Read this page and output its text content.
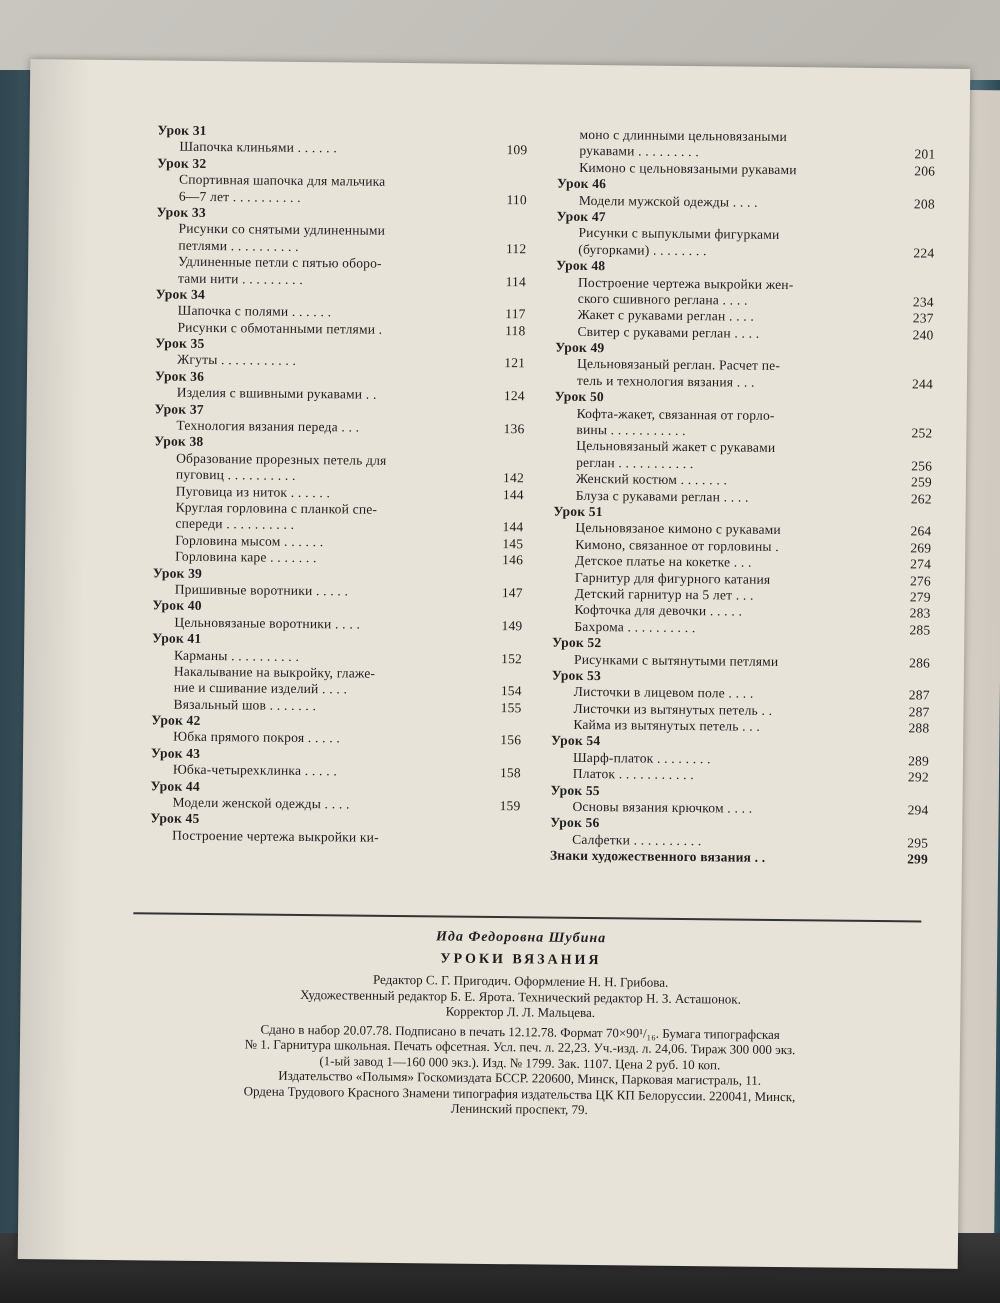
Урок 31
Шапочка клиньями . . . . . .	109
Урок 32
Спортивная шапочка для мальчика
6—7 лет . . . . . . . . . .	110
Урок 33
Рисунки со снятыми удлиненными
петлями . . . . . . . . . .	112
Удлиненные петли с пятью оборо-
тами нити . . . . . . . . .	114
Урок 34
Шапочка с полями . . . . . .	117
Рисунки с обмотанными петлями .	118
Урок 35
Жгуты . . . . . . . . . . .	121
Урок 36
Изделия с вшивными рукавами . .	124
Урок 37
Технология вязания переда . . .	136
Урок 38
Образование прорезных петель для
пуговиц . . . . . . . . . .	142
Пуговица из ниток . . . . . .	144
Круглая горловина с планкой спе-
спереди . . . . . . . . . .	144
Горловина мысом . . . . . .	145
Горловина каре . . . . . . .	146
Урок 39
Пришивные воротники . . . . .	147
Урок 40
Цельновязаные воротники . . . .	149
Урок 41
Карманы . . . . . . . . . .	152
Накалывание на выкройку, глаже-
ние и сшивание изделий . . . .	154
Вязальный шов . . . . . . .	155
Урок 42
Юбка прямого покроя . . . . .	156
Урок 43
Юбка-четырехклинка . . . . .	158
Урок 44
Модели женской одежды . . . .	159
Урок 45
Построение чертежа выкройки ки-
моно с длинными цельновязаными
рукавами . . . . . . . . .	201
Кимоно с цельновязаными рукавами	206
Урок 46
Модели мужской одежды . . . .	208
Урок 47
Рисунки с выпуклыми фигурками
(бугорками) . . . . . . . .	224
Урок 48
Построение чертежа выкройки жен-
ского сшивного реглана . . . .	234
Жакет с рукавами реглан . . . .	237
Свитер с рукавами реглан . . . .	240
Урок 49
Цельновязаный реглан. Расчет пе-
тель и технология вязания . . .	244
Урок 50
Кофта-жакет, связанная от горло-
вины . . . . . . . . . . .	252
Цельновязаный жакет с рукавами
реглан . . . . . . . . . . .	256
Женский костюм . . . . . . .	259
Блуза с рукавами реглан . . . .	262
Урок 51
Цельновязаное кимоно с рукавами	264
Кимоно, связанное от горловины .	269
Детское платье на кокетке . . .	274
Гарнитур для фигурного катания	276
Детский гарнитур на 5 лет . . .	279
Кофточка для девочки . . . . .	283
Бахрома . . . . . . . . . .	285
Урок 52
Рисунками с вытянутыми петлями	286
Урок 53
Листочки в лицевом поле . . . .	287
Листочки из вытянутых петель . .	287
Кайма из вытянутых петель . . .	288
Урок 54
Шарф-платок . . . . . . . .	289
Платок . . . . . . . . . . .	292
Урок 55
Основы вязания крючком . . . .	294
Урок 56
Салфетки . . . . . . . . . .	295
Знаки художественного вязания . .	299
Ида Федоровна Шубина
УРОКИ ВЯЗАНИЯ
Редактор С. Г. Пригодич. Оформление Н. Н. Грибова.
Художественный редактор Б. Е. Ярота. Технический редактор Н. З. Асташонок.
Корректор Л. Л. Мальцева.
Сдано в набор 20.07.78. Подписано в печать 12.12.78. Формат 70×90¹/₁₆. Бумага типографская
№ 1. Гарнитура школьная. Печать офсетная. Усл. печ. л. 22,23. Уч.-изд. л. 24,06. Тираж 300 000 экз.
(1-ый завод 1—160 000 экз.). Изд. № 1799. Зак. 1107. Цена 2 руб. 10 коп.
Издательство «Полымя» Госкомиздата БССР. 220600, Минск, Парковая магистраль, 11.
Ордена Трудового Красного Знамени типография издательства ЦК КП Белоруссии. 220041, Минск,
Ленинский проспект, 79.
